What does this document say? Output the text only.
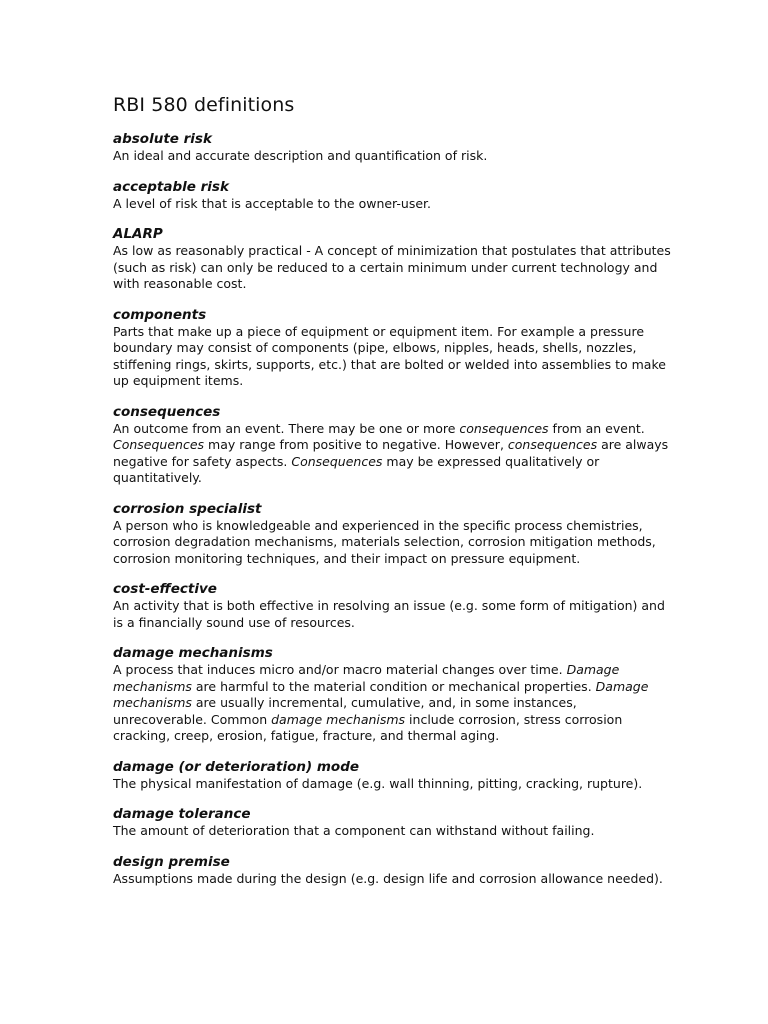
RBI 580 definitions
absolute risk

An ideal and accurate description and quantification of risk.

acceptable risk

A level of risk that is acceptable to the owner-user.

ALARP

As low as reasonably practical - A concept of minimization that postulates that attributes (such as risk) can only be reduced to a certain minimum under current technology and with reasonable cost.

components

Parts that make up a piece of equipment or equipment item. For example a pressure boundary may consist of components (pipe, elbows, nipples, heads, shells, nozzles, stiffening rings, skirts, supports, etc.) that are bolted or welded into assemblies to make up equipment items.

consequences

An outcome from an event. There may be one or more consequences from an event. Consequences may range from positive to negative. However, consequences are always negative for safety aspects. Consequences may be expressed qualitatively or quantitatively.

corrosion specialist

A person who is knowledgeable and experienced in the specific process chemistries, corrosion degradation mechanisms, materials selection, corrosion mitigation methods, corrosion monitoring techniques, and their impact on pressure equipment.

cost-effective

An activity that is both effective in resolving an issue (e.g. some form of mitigation) and is a financially sound use of resources.

damage mechanisms

A process that induces micro and/or macro material changes over time. Damage mechanisms are harmful to the material condition or mechanical properties. Damage mechanisms are usually incremental, cumulative, and, in some instances, unrecoverable. Common damage mechanisms include corrosion, stress corrosion cracking, creep, erosion, fatigue, fracture, and thermal aging.

damage (or deterioration) mode

The physical manifestation of damage (e.g. wall thinning, pitting, cracking, rupture).

damage tolerance

The amount of deterioration that a component can withstand without failing.

design premise

Assumptions made during the design (e.g. design life and corrosion allowance needed).
